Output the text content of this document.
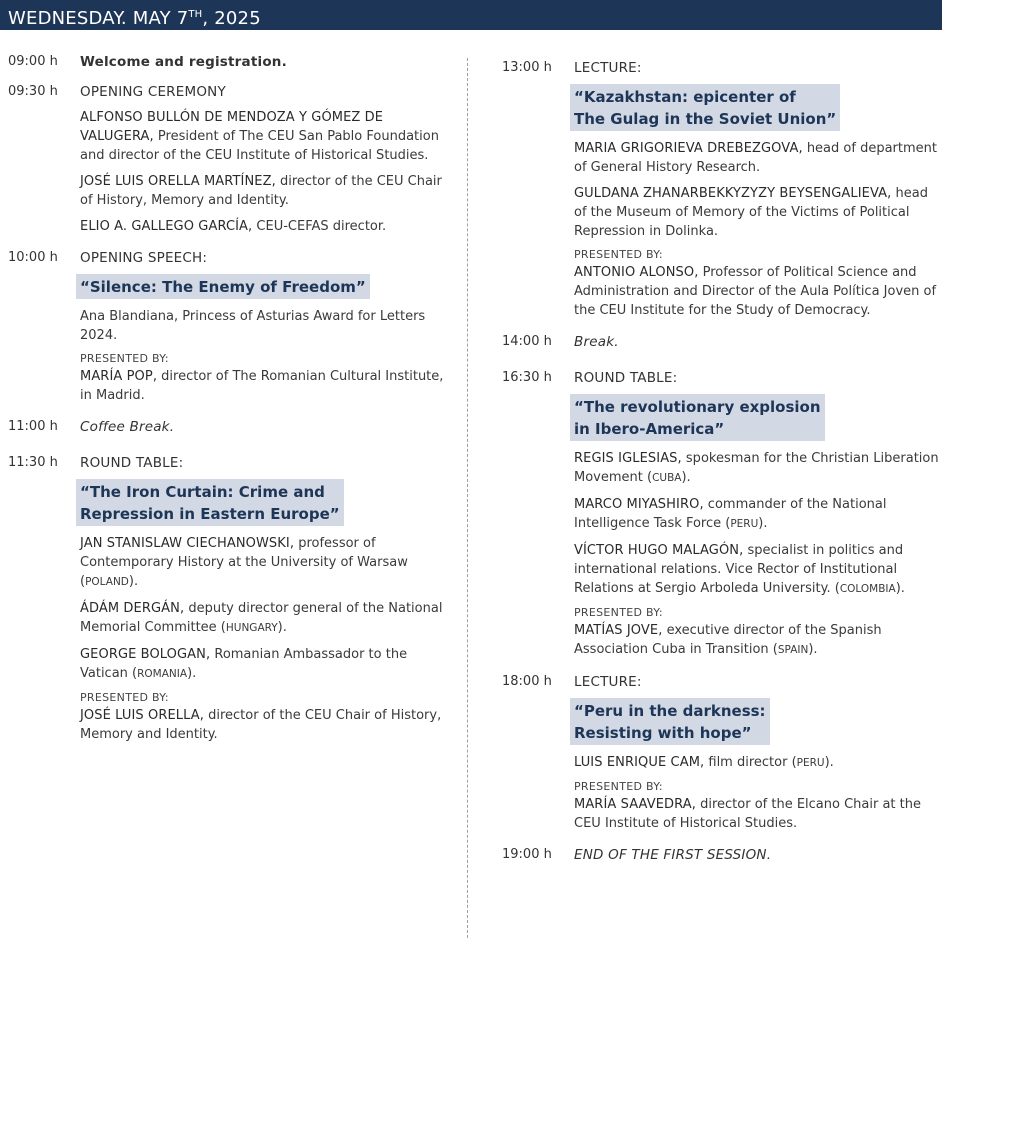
WEDNESDAY. MAY 7TH, 2025
09:00 h Welcome and registration.
09:30 h OPENING CEREMONY

ALFONSO BULLÓN DE MENDOZA Y GÓMEZ DE VALUGERA, President of The CEU San Pablo Foundation and director of the CEU Institute of Historical Studies.

JOSÉ LUIS ORELLA MARTÍNEZ, director of the CEU Chair of History, Memory and Identity.

ELIO A. GALLEGO GARCÍA, CEU-CEFAS director.

10:00 h OPENING SPEECH:
“Silence: The Enemy of Freedom”

Ana Blandiana, Princess of Asturias Award for Letters 2024.

PRESENTED BY:

MARÍA POP, director of The Romanian Cultural Institute, in Madrid.

11:00 h Coffee Break.
11:30 h ROUND TABLE:
“The Iron Curtain: Crime and
Repression in Eastern Europe”

JAN STANISLAW CIECHANOWSKI, professor of Contemporary History at the University of Warsaw (POLAND).

ÁDÁM DERGÁN, deputy director general of the National Memorial Committee (HUNGARY).

GEORGE BOLOGAN, Romanian Ambassador to the Vatican (ROMANIA).

PRESENTED BY:

JOSÉ LUIS ORELLA, director of the CEU Chair of History, Memory and Identity.

13:00 h LECTURE:
“Kazakhstan: epicenter of
The Gulag in the Soviet Union”

MARIA GRIGORIEVA DREBEZGOVA, head of department of General History Research.

GULDANA ZHANARBEKKYZYZY BEYSENGALIEVA, head of the Museum of Memory of the Victims of Political Repression in Dolinka.

PRESENTED BY:

ANTONIO ALONSO, Professor of Political Science and Administration and Director of the Aula Política Joven of the CEU Institute for the Study of Democracy.

14:00 h Break.
16:30 h ROUND TABLE:
“The revolutionary explosion
in Ibero-America”

REGIS IGLESIAS, spokesman for the Christian Liberation Movement (CUBA).

MARCO MIYASHIRO, commander of the National Intelligence Task Force (PERU).

VÍCTOR HUGO MALAGÓN, specialist in politics and international relations. Vice Rector of Institutional Relations at Sergio Arboleda University. (COLOMBIA).

PRESENTED BY:

MATÍAS JOVE, executive director of the Spanish Association Cuba in Transition (SPAIN).

18:00 h LECTURE:
“Peru in the darkness:
Resisting with hope”

LUIS ENRIQUE CAM, film director (PERU).

PRESENTED BY:

MARÍA SAAVEDRA, director of the Elcano Chair at the CEU Institute of Historical Studies.

19:00 h END OF THE FIRST SESSION.
